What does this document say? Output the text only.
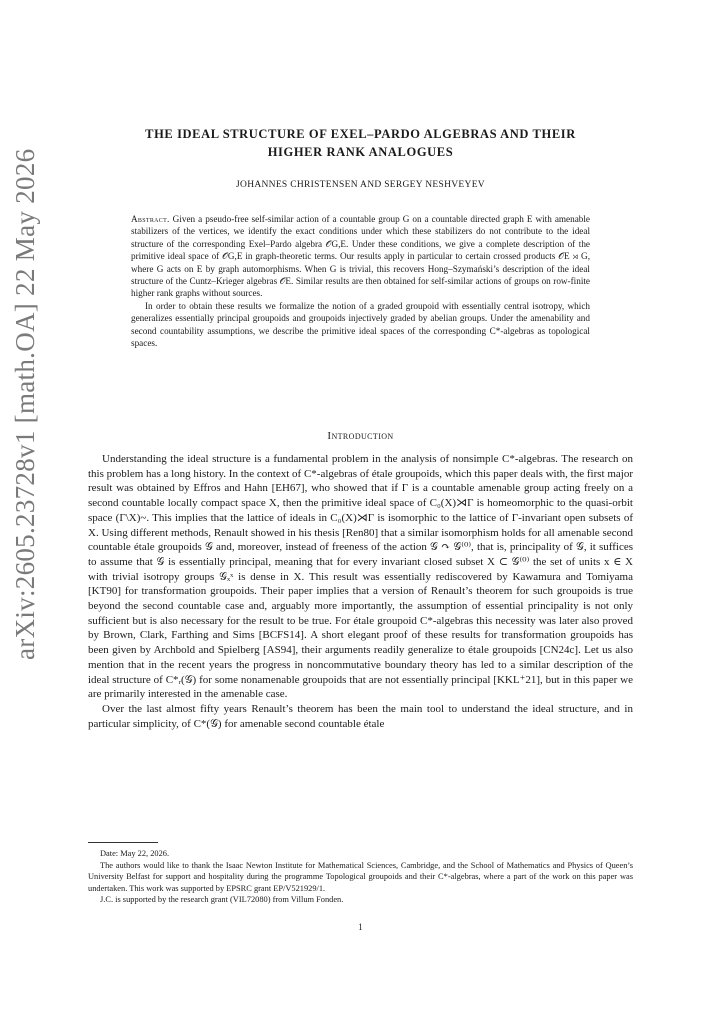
arXiv:2605.23728v1 [math.OA] 22 May 2026
THE IDEAL STRUCTURE OF EXEL–PARDO ALGEBRAS AND THEIR
HIGHER RANK ANALOGUES
JOHANNES CHRISTENSEN AND SERGEY NESHVEYEV

Abstract. Given a pseudo-free self-similar action of a countable group G on a countable directed graph E with amenable stabilizers of the vertices, we identify the exact conditions under which these stabilizers do not contribute to the ideal structure of the corresponding Exel–Pardo algebra 𝒪G,E. Under these conditions, we give a complete description of the primitive ideal space of 𝒪G,E in graph-theoretic terms. Our results apply in particular to certain crossed products 𝒪E ⋊ G, where G acts on E by graph automorphisms. When G is trivial, this recovers Hong–Szymański’s description of the ideal structure of the Cuntz–Krieger algebras 𝒪E. Similar results are then obtained for self-similar actions of groups on row-finite higher rank graphs without sources.

In order to obtain these results we formalize the notion of a graded groupoid with essentially central isotropy, which generalizes essentially principal groupoids and groupoids injectively graded by abelian groups. Under the amenability and second countability assumptions, we describe the primitive ideal spaces of the corresponding C*-algebras as topological spaces.

Introduction

Understanding the ideal structure is a fundamental problem in the analysis of nonsimple C*-algebras. The research on this problem has a long history. In the context of C*-algebras of étale groupoids, which this paper deals with, the first major result was obtained by Effros and Hahn [EH67], who showed that if Γ is a countable amenable group acting freely on a second countable locally compact space X, then the primitive ideal space of C₀(X)⋊Γ is homeomorphic to the quasi-orbit space (Γ\X)~. This implies that the lattice of ideals in C₀(X)⋊Γ is isomorphic to the lattice of Γ-invariant open subsets of X. Using different methods, Renault showed in his thesis [Ren80] that a similar isomorphism holds for all amenable second countable étale groupoids 𝒢 and, moreover, instead of freeness of the action 𝒢 ↷ 𝒢⁽⁰⁾, that is, principality of 𝒢, it suffices to assume that 𝒢 is essentially principal, meaning that for every invariant closed subset X ⊂ 𝒢⁽⁰⁾ the set of units x ∈ X with trivial isotropy groups 𝒢ₓˣ is dense in X. This result was essentially rediscovered by Kawamura and Tomiyama [KT90] for transformation groupoids. Their paper implies that a version of Renault’s theorem for such groupoids is true beyond the second countable case and, arguably more importantly, the assumption of essential principality is not only sufficient but is also necessary for the result to be true. For étale groupoid C*-algebras this necessity was later also proved by Brown, Clark, Farthing and Sims [BCFS14]. A short elegant proof of these results for transformation groupoids has been given by Archbold and Spielberg [AS94], their arguments readily generalize to étale groupoids [CN24c]. Let us also mention that in the recent years the progress in noncommutative boundary theory has led to a similar description of the ideal structure of C*ᵣ(𝒢) for some nonamenable groupoids that are not essentially principal [KKL⁺21], but in this paper we are primarily interested in the amenable case.

Over the last almost fifty years Renault’s theorem has been the main tool to understand the ideal structure, and in particular simplicity, of C*(𝒢) for amenable second countable étale

Date: May 22, 2026.

The authors would like to thank the Isaac Newton Institute for Mathematical Sciences, Cambridge, and the School of Mathematics and Physics of Queen’s University Belfast for support and hospitality during the programme Topological groupoids and their C*-algebras, where a part of the work on this paper was undertaken. This work was supported by EPSRC grant EP/V521929/1.

J.C. is supported by the research grant (VIL72080) from Villum Fonden.

1
